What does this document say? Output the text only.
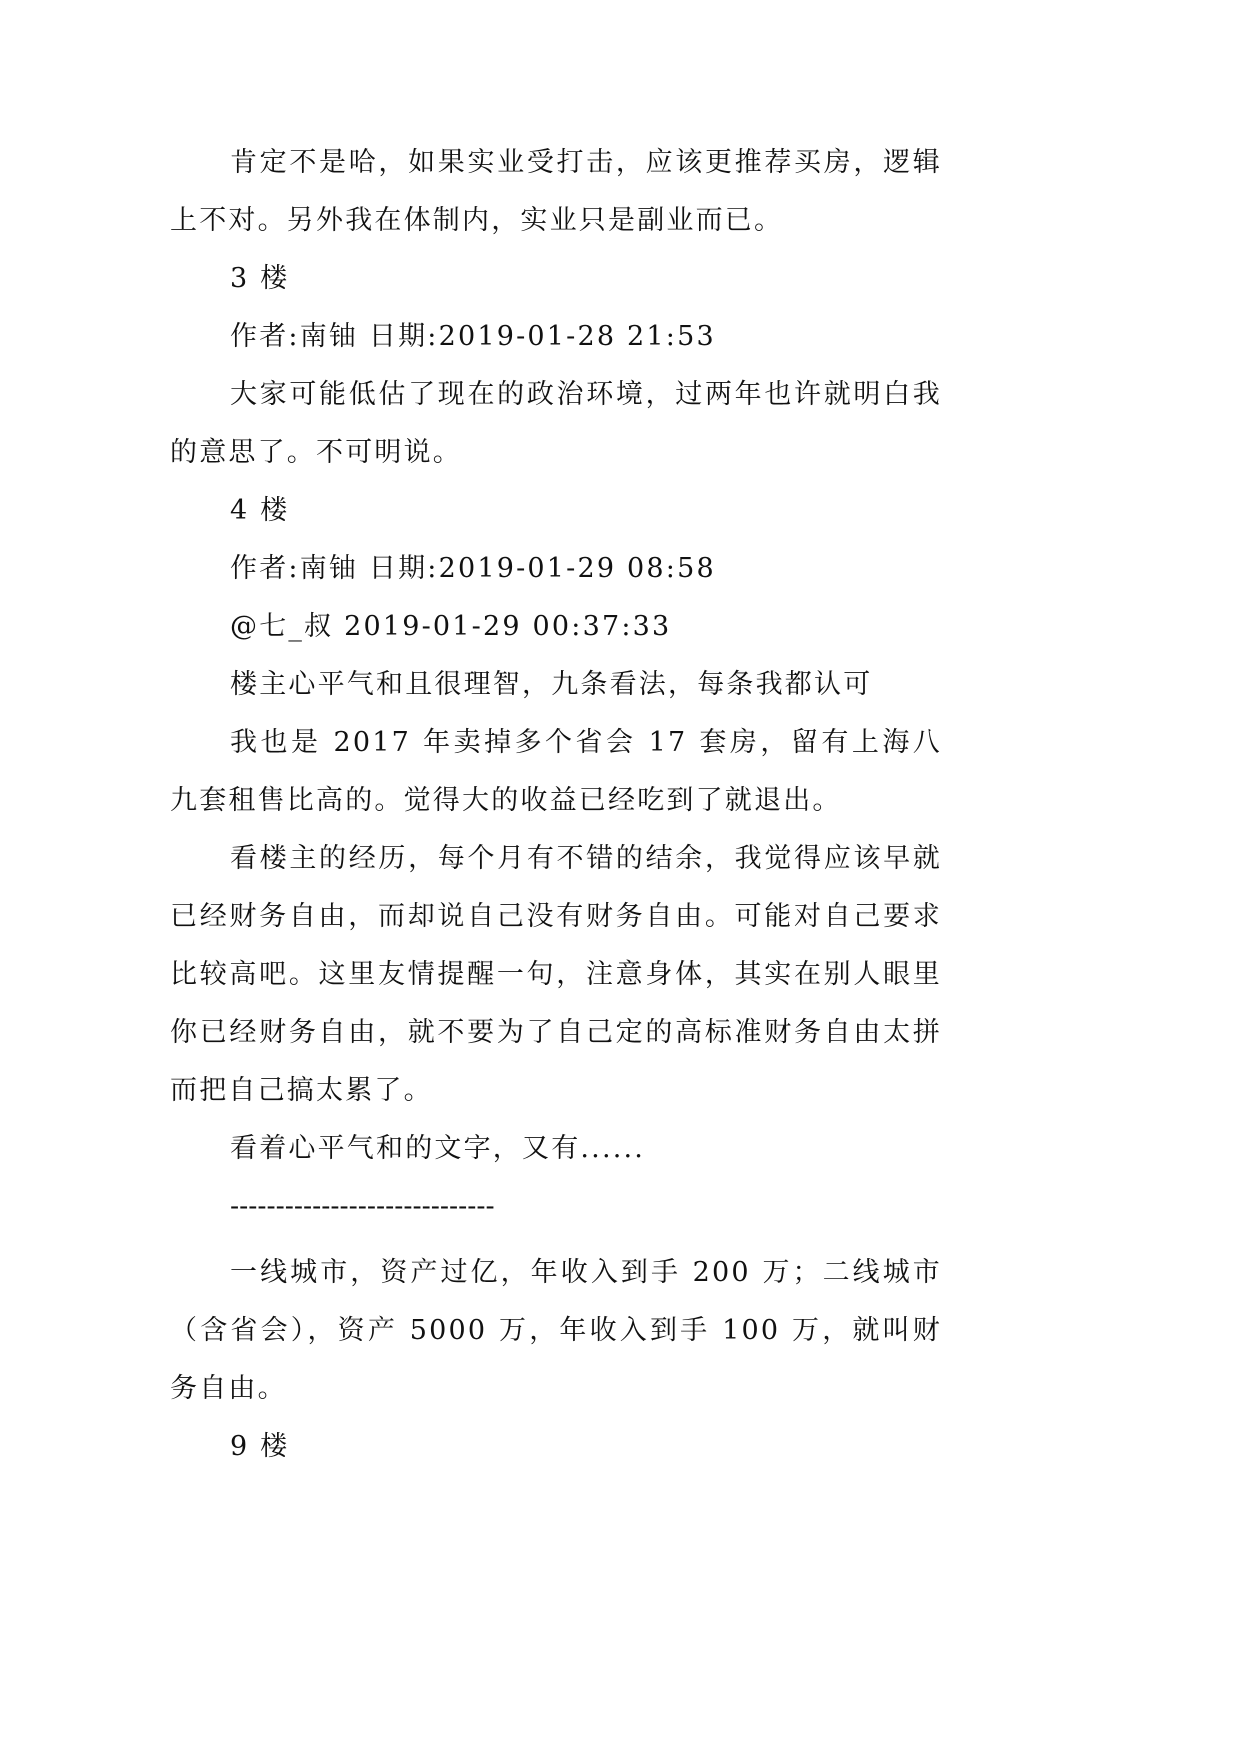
肯定不是哈，如果实业受打击，应该更推荐买房，逻辑上不对。另外我在体制内，实业只是副业而已。

3 楼

作者:南铀 日期:2019-01-28 21:53

大家可能低估了现在的政治环境，过两年也许就明白我的意思了。不可明说。

4 楼

作者:南铀 日期:2019-01-29 08:58

@七_叔 2019-01-29 00:37:33

楼主心平气和且很理智，九条看法，每条我都认可

我也是 2017 年卖掉多个省会 17 套房，留有上海八九套租售比高的。觉得大的收益已经吃到了就退出。

看楼主的经历，每个月有不错的结余，我觉得应该早就已经财务自由，而却说自己没有财务自由。可能对自己要求比较高吧。这里友情提醒一句，注意身体，其实在别人眼里你已经财务自由，就不要为了自己定的高标准财务自由太拼而把自己搞太累了。

看着心平气和的文字，又有......

-----------------------------

一线城市，资产过亿，年收入到手 200 万；二线城市（含省会），资产 5000 万，年收入到手 100 万，就叫财务自由。

9 楼
